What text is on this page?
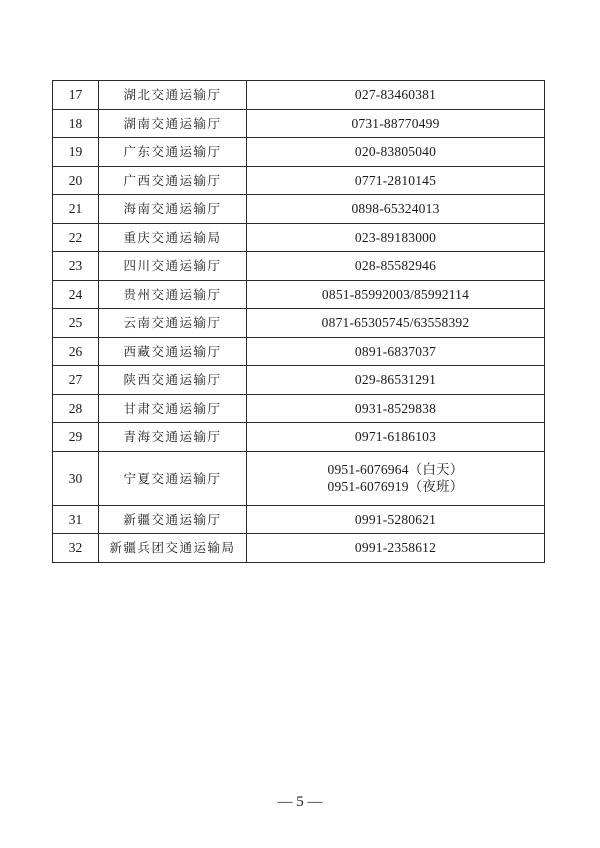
17	湖北交通运输厅	027-83460381

18	湖南交通运输厅	0731-88770499

19	广东交通运输厅	020-83805040

20	广西交通运输厅	0771-2810145

21	海南交通运输厅	0898-65324013

22	重庆交通运输局	023-89183000

23	四川交通运输厅	028-85582946

24	贵州交通运输厅	0851-85992003/85992114

25	云南交通运输厅	0871-65305745/63558392

26	西藏交通运输厅	0891-6837037

27	陕西交通运输厅	029-86531291

28	甘肃交通运输厅	0931-8529838

29	青海交通运输厅	0971-6186103

30	宁夏交通运输厅	0951-6076964（白天）
0951-6076919（夜班）

31	新疆交通运输厅	0991-5280621

32	新疆兵团交通运输局	0991-2358612
— 5 —
